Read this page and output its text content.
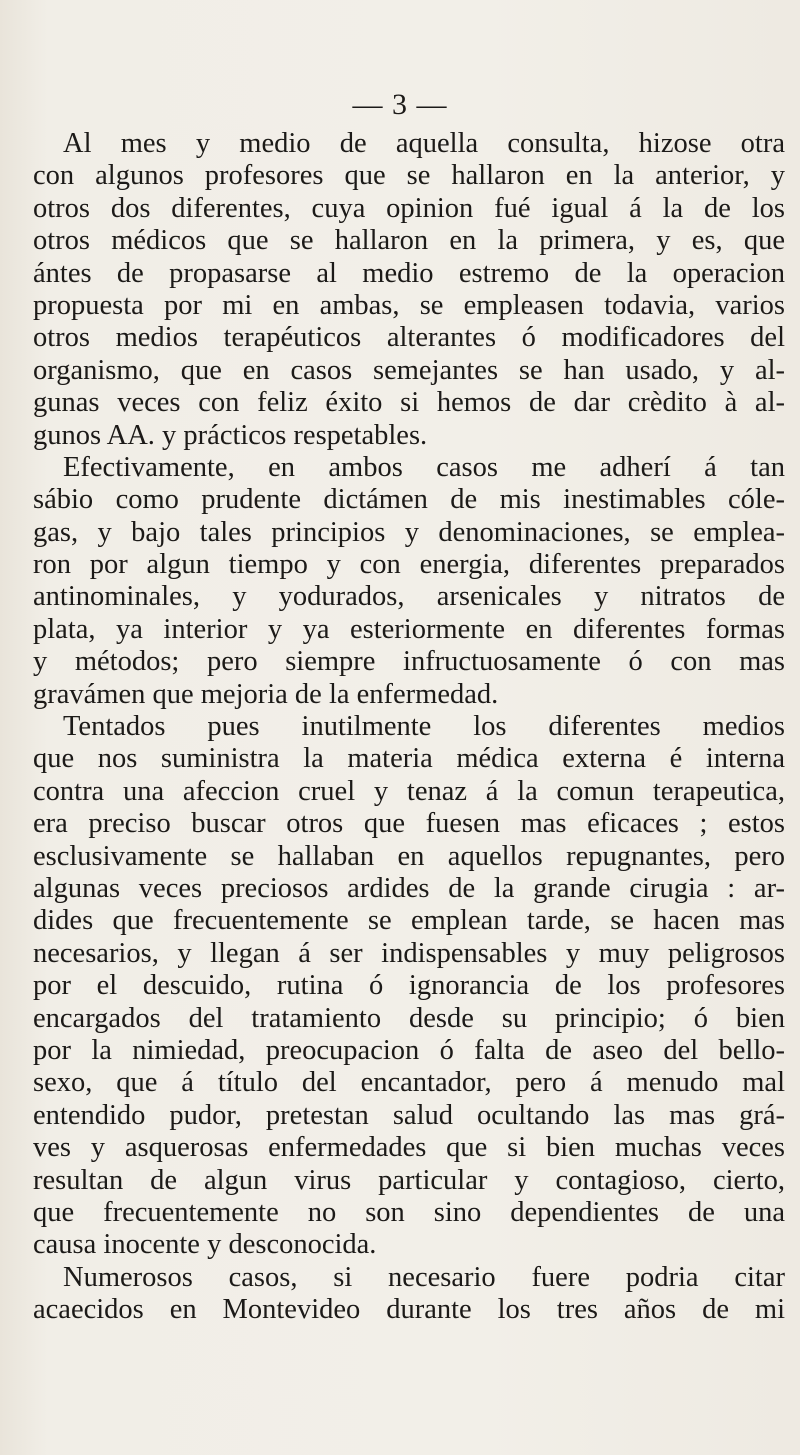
— 3 —
Al mes y medio de aquella consulta, hizose otra
con algunos profesores que se hallaron en la anterior, y
otros dos diferentes, cuya opinion fué igual á la de los
otros médicos que se hallaron en la primera, y es, que
ántes de propasarse al medio estremo de la operacion
propuesta por mi en ambas, se empleasen todavia, varios
otros medios terapéuticos alterantes ó modificadores del
organismo, que en casos semejantes se han usado, y al-
gunas veces con feliz éxito si hemos de dar crèdito à al-
gunos AA. y prácticos respetables.
Efectivamente, en ambos casos me adherí á tan
sábio como prudente dictámen de mis inestimables cóle-
gas, y bajo tales principios y denominaciones, se emplea-
ron por algun tiempo y con energia, diferentes preparados
antinominales, y yodurados, arsenicales y nitratos de
plata, ya interior y ya esteriormente en diferentes formas
y métodos; pero siempre infructuosamente ó con mas
gravámen que mejoria de la enfermedad.
Tentados pues inutilmente los diferentes medios
que nos suministra la materia médica externa é interna
contra una afeccion cruel y tenaz á la comun terapeutica,
era preciso buscar otros que fuesen mas eficaces ; estos
esclusivamente se hallaban en aquellos repugnantes, pero
algunas veces preciosos ardides de la grande cirugia : ar-
dides que frecuentemente se emplean tarde, se hacen mas
necesarios, y llegan á ser indispensables y muy peligrosos
por el descuido, rutina ó ignorancia de los profesores
encargados del tratamiento desde su principio; ó bien
por la nimiedad, preocupacion ó falta de aseo del bello-
sexo, que á título del encantador, pero á menudo mal
entendido pudor, pretestan salud ocultando las mas grá-
ves y asquerosas enfermedades que si bien muchas veces
resultan de algun virus particular y contagioso, cierto,
que frecuentemente no son sino dependientes de una
causa inocente y desconocida.
Numerosos casos, si necesario fuere podria citar
acaecidos en Montevideo durante los tres años de mi
